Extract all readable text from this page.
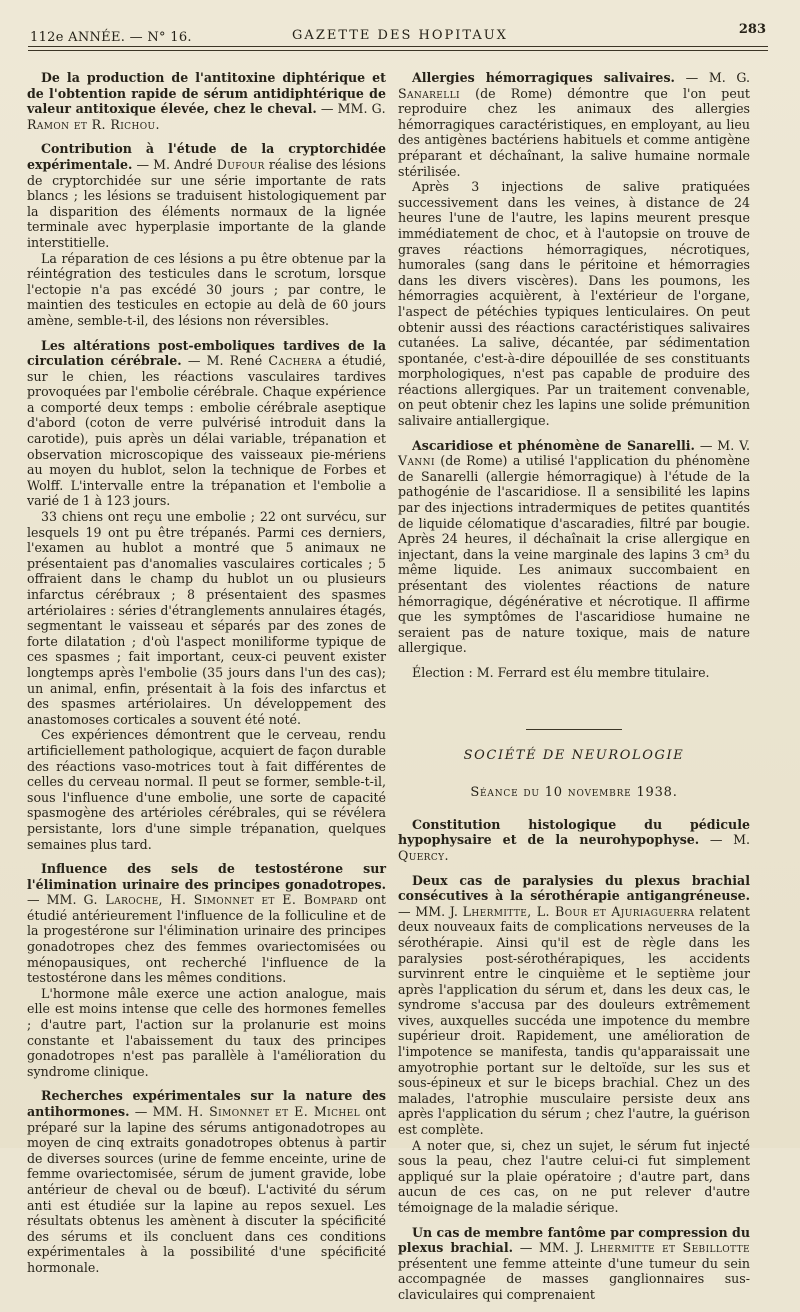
112e ANNÉE. — N° 16.	GAZETTE DES HOPITAUX	283

De la production de l'antitoxine diphtérique et de l'obtention rapide de sérum antidiphtérique de valeur antitoxique élevée, chez le cheval. — MM. G. Ramon et R. Richou.

Contribution à l'étude de la cryptorchidée expérimentale. — M. André Dufour réalise des lésions de cryptorchidée sur une série importante de rats blancs ; les lésions se traduisent histologiquement par la disparition des éléments normaux de la lignée terminale avec hyperplasie importante de la glande interstitielle.

La réparation de ces lésions a pu être obtenue par la réintégration des testicules dans le scrotum, lorsque l'ectopie n'a pas excédé 30 jours ; par contre, le maintien des testicules en ectopie au delà de 60 jours amène, semble-t-il, des lésions non réversibles.

Les altérations post-emboliques tardives de la circulation cérébrale. — M. René Cachera a étudié, sur le chien, les réactions vasculaires tardives provoquées par l'embolie cérébrale. Chaque expérience a comporté deux temps : embolie cérébrale aseptique d'abord (coton de verre pulvérisé introduit dans la carotide), puis après un délai variable, trépanation et observation microscopique des vaisseaux pie-mériens au moyen du hublot, selon la technique de Forbes et Wolff. L'intervalle entre la trépanation et l'embolie a varié de 1 à 123 jours.

33 chiens ont reçu une embolie ; 22 ont survécu, sur lesquels 19 ont pu être trépanés. Parmi ces derniers, l'examen au hublot a montré que 5 animaux ne présentaient pas d'anomalies vasculaires corticales ; 5 offraient dans le champ du hublot un ou plusieurs infarctus cérébraux ; 8 présentaient des spasmes artériolaires : séries d'étranglements annulaires étagés, segmentant le vaisseau et séparés par des zones de forte dilatation ; d'où l'aspect moniliforme typique de ces spasmes ; fait important, ceux-ci peuvent exister longtemps après l'embolie (35 jours dans l'un des cas); un animal, enfin, présentait à la fois des infarctus et des spasmes artériolaires. Un développement des anastomoses corticales a souvent été noté.

Ces expériences démontrent que le cerveau, rendu artificiellement pathologique, acquiert de façon durable des réactions vaso-motrices tout à fait différentes de celles du cerveau normal. Il peut se former, semble-t-il, sous l'influence d'une embolie, une sorte de capacité spasmogène des artérioles cérébrales, qui se révélera persistante, lors d'une simple trépanation, quelques semaines plus tard.

Influence des sels de testostérone sur l'élimination urinaire des principes gonadotropes. — MM. G. Laroche, H. Simonnet et E. Bompard ont étudié antérieurement l'influence de la folliculine et de la progestérone sur l'élimination urinaire des principes gonadotropes chez des femmes ovariectomisées ou ménopausiques, ont recherché l'influence de la testostérone dans les mêmes conditions.

L'hormone mâle exerce une action analogue, mais elle est moins intense que celle des hormones femelles ; d'autre part, l'action sur la prolanurie est moins constante et l'abaissement du taux des principes gonadotropes n'est pas parallèle à l'amélioration du syndrome clinique.

Recherches expérimentales sur la nature des antihormones. — MM. H. Simonnet et E. Michel ont préparé sur la lapine des sérums antigonadotropes au moyen de cinq extraits gonadotropes obtenus à partir de diverses sources (urine de femme enceinte, urine de femme ovariectomisée, sérum de jument gravide, lobe antérieur de cheval ou de bœuf). L'activité du sérum anti est étudiée sur la lapine au repos sexuel. Les résultats obtenus les amènent à discuter la spécificité des sérums et ils concluent dans ces conditions expérimentales à la possibilité d'une spécificité hormonale.

Allergies hémorragiques salivaires. — M. G. Sanarelli (de Rome) démontre que l'on peut reproduire chez les animaux des allergies hémorragiques caractéristiques, en employant, au lieu des antigènes bactériens habituels et comme antigène préparant et déchaînant, la salive humaine normale stérilisée.

Après 3 injections de salive pratiquées successivement dans les veines, à distance de 24 heures l'une de l'autre, les lapins meurent presque immédiatement de choc, et à l'autopsie on trouve de graves réactions hémorragiques, nécrotiques, humorales (sang dans le péritoine et hémorragies dans les divers viscères). Dans les poumons, les hémorragies acquièrent, à l'extérieur de l'organe, l'aspect de pétéchies typiques lenticulaires. On peut obtenir aussi des réactions caractéristiques salivaires cutanées. La salive, décantée, par sédimentation spontanée, c'est-à-dire dépouillée de ses constituants morphologiques, n'est pas capable de produire des réactions allergiques. Par un traitement convenable, on peut obtenir chez les lapins une solide prémunition salivaire antiallergique.

Ascaridiose et phénomène de Sanarelli. — M. V. Vanni (de Rome) a utilisé l'application du phénomène de Sanarelli (allergie hémorragique) à l'étude de la pathogénie de l'ascaridiose. Il a sensibilité les lapins par des injections intradermiques de petites quantités de liquide célomatique d'ascaradies, filtré par bougie. Après 24 heures, il déchaînait la crise allergique en injectant, dans la veine marginale des lapins 3 cm³ du même liquide. Les animaux succombaient en présentant des violentes réactions de nature hémorragique, dégénérative et nécrotique. Il affirme que les symptômes de l'ascaridiose humaine ne seraient pas de nature toxique, mais de nature allergique.

Élection : M. Ferrard est élu membre titulaire.

SOCIÉTÉ DE NEUROLOGIE
Séance du 10 novembre 1938.

Constitution histologique du pédicule hypophysaire et de la neurohypophyse. — M. Quercy.

Deux cas de paralysies du plexus brachial consécutives à la sérothérapie antigangréneuse. — MM. J. Lhermitte, L. Bour et Ajuriaguerra relatent deux nouveaux faits de complications nerveuses de la sérothérapie. Ainsi qu'il est de règle dans les paralysies post-sérothérapiques, les accidents survinrent entre le cinquième et le septième jour après l'application du sérum et, dans les deux cas, le syndrome s'accusa par des douleurs extrêmement vives, auxquelles succéda une impotence du membre supérieur droit. Rapidement, une amélioration de l'impotence se manifesta, tandis qu'apparaissait une amyotrophie portant sur le deltoïde, sur les sus et sous-épineux et sur le biceps brachial. Chez un des malades, l'atrophie musculaire persiste deux ans après l'application du sérum ; chez l'autre, la guérison est complète.

A noter que, si, chez un sujet, le sérum fut injecté sous la peau, chez l'autre celui-ci fut simplement appliqué sur la plaie opératoire ; d'autre part, dans aucun de ces cas, on ne put relever d'autre témoignage de la maladie sérique.

Un cas de membre fantôme par compression du plexus brachial. — MM. J. Lhermitte et Sebillotte présentent une femme atteinte d'une tumeur du sein accompagnée de masses ganglionnaires sus-claviculaires qui comprenaient
